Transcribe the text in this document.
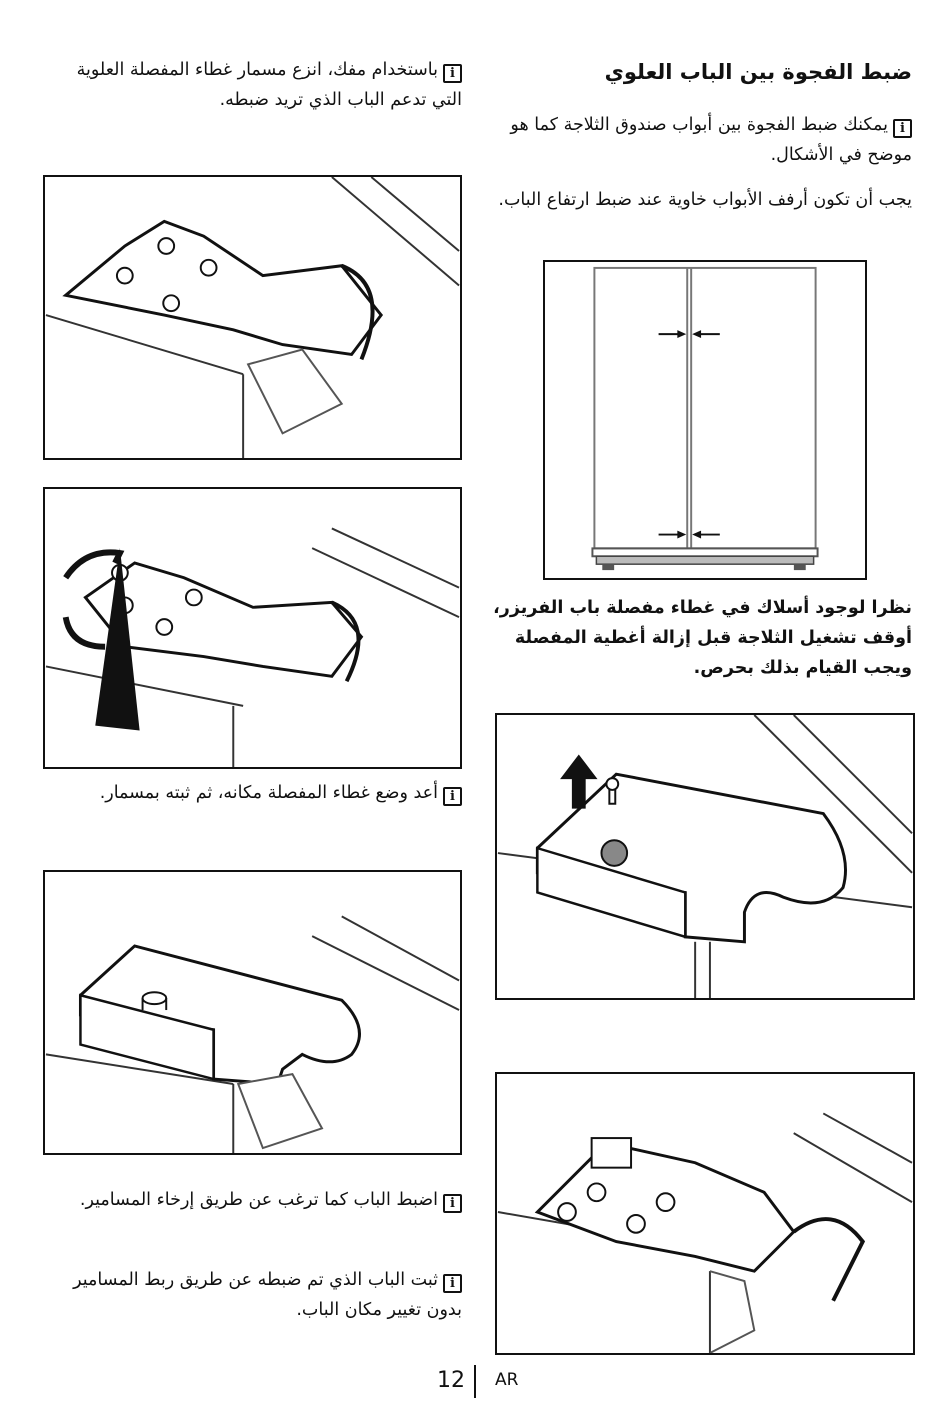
ضبط الفجوة بين الباب العلوي
iيمكنك ضبط الفجوة بين أبواب صندوق الثلاجة كما هو موضح في الأشكال.
يجب أن تكون أرفف الأبواب خاوية عند ضبط ارتفاع الباب.
نظرا لوجود أسلاك في غطاء مفصلة باب الفريزر، أوقف تشغيل الثلاجة قبل إزالة أغطية المفصلة ويجب القيام بذلك بحرص.
iباستخدام مفك، انزع مسمار غطاء المفصلة العلوية التي تدعم الباب الذي تريد ضبطه.
iأعد وضع غطاء المفصلة مكانه، ثم ثبته بمسمار.
iاضبط الباب كما ترغب عن طريق إرخاء المسامير.
iثبت الباب الذي تم ضبطه عن طريق ربط المسامير بدون تغيير مكان الباب.
12 AR
